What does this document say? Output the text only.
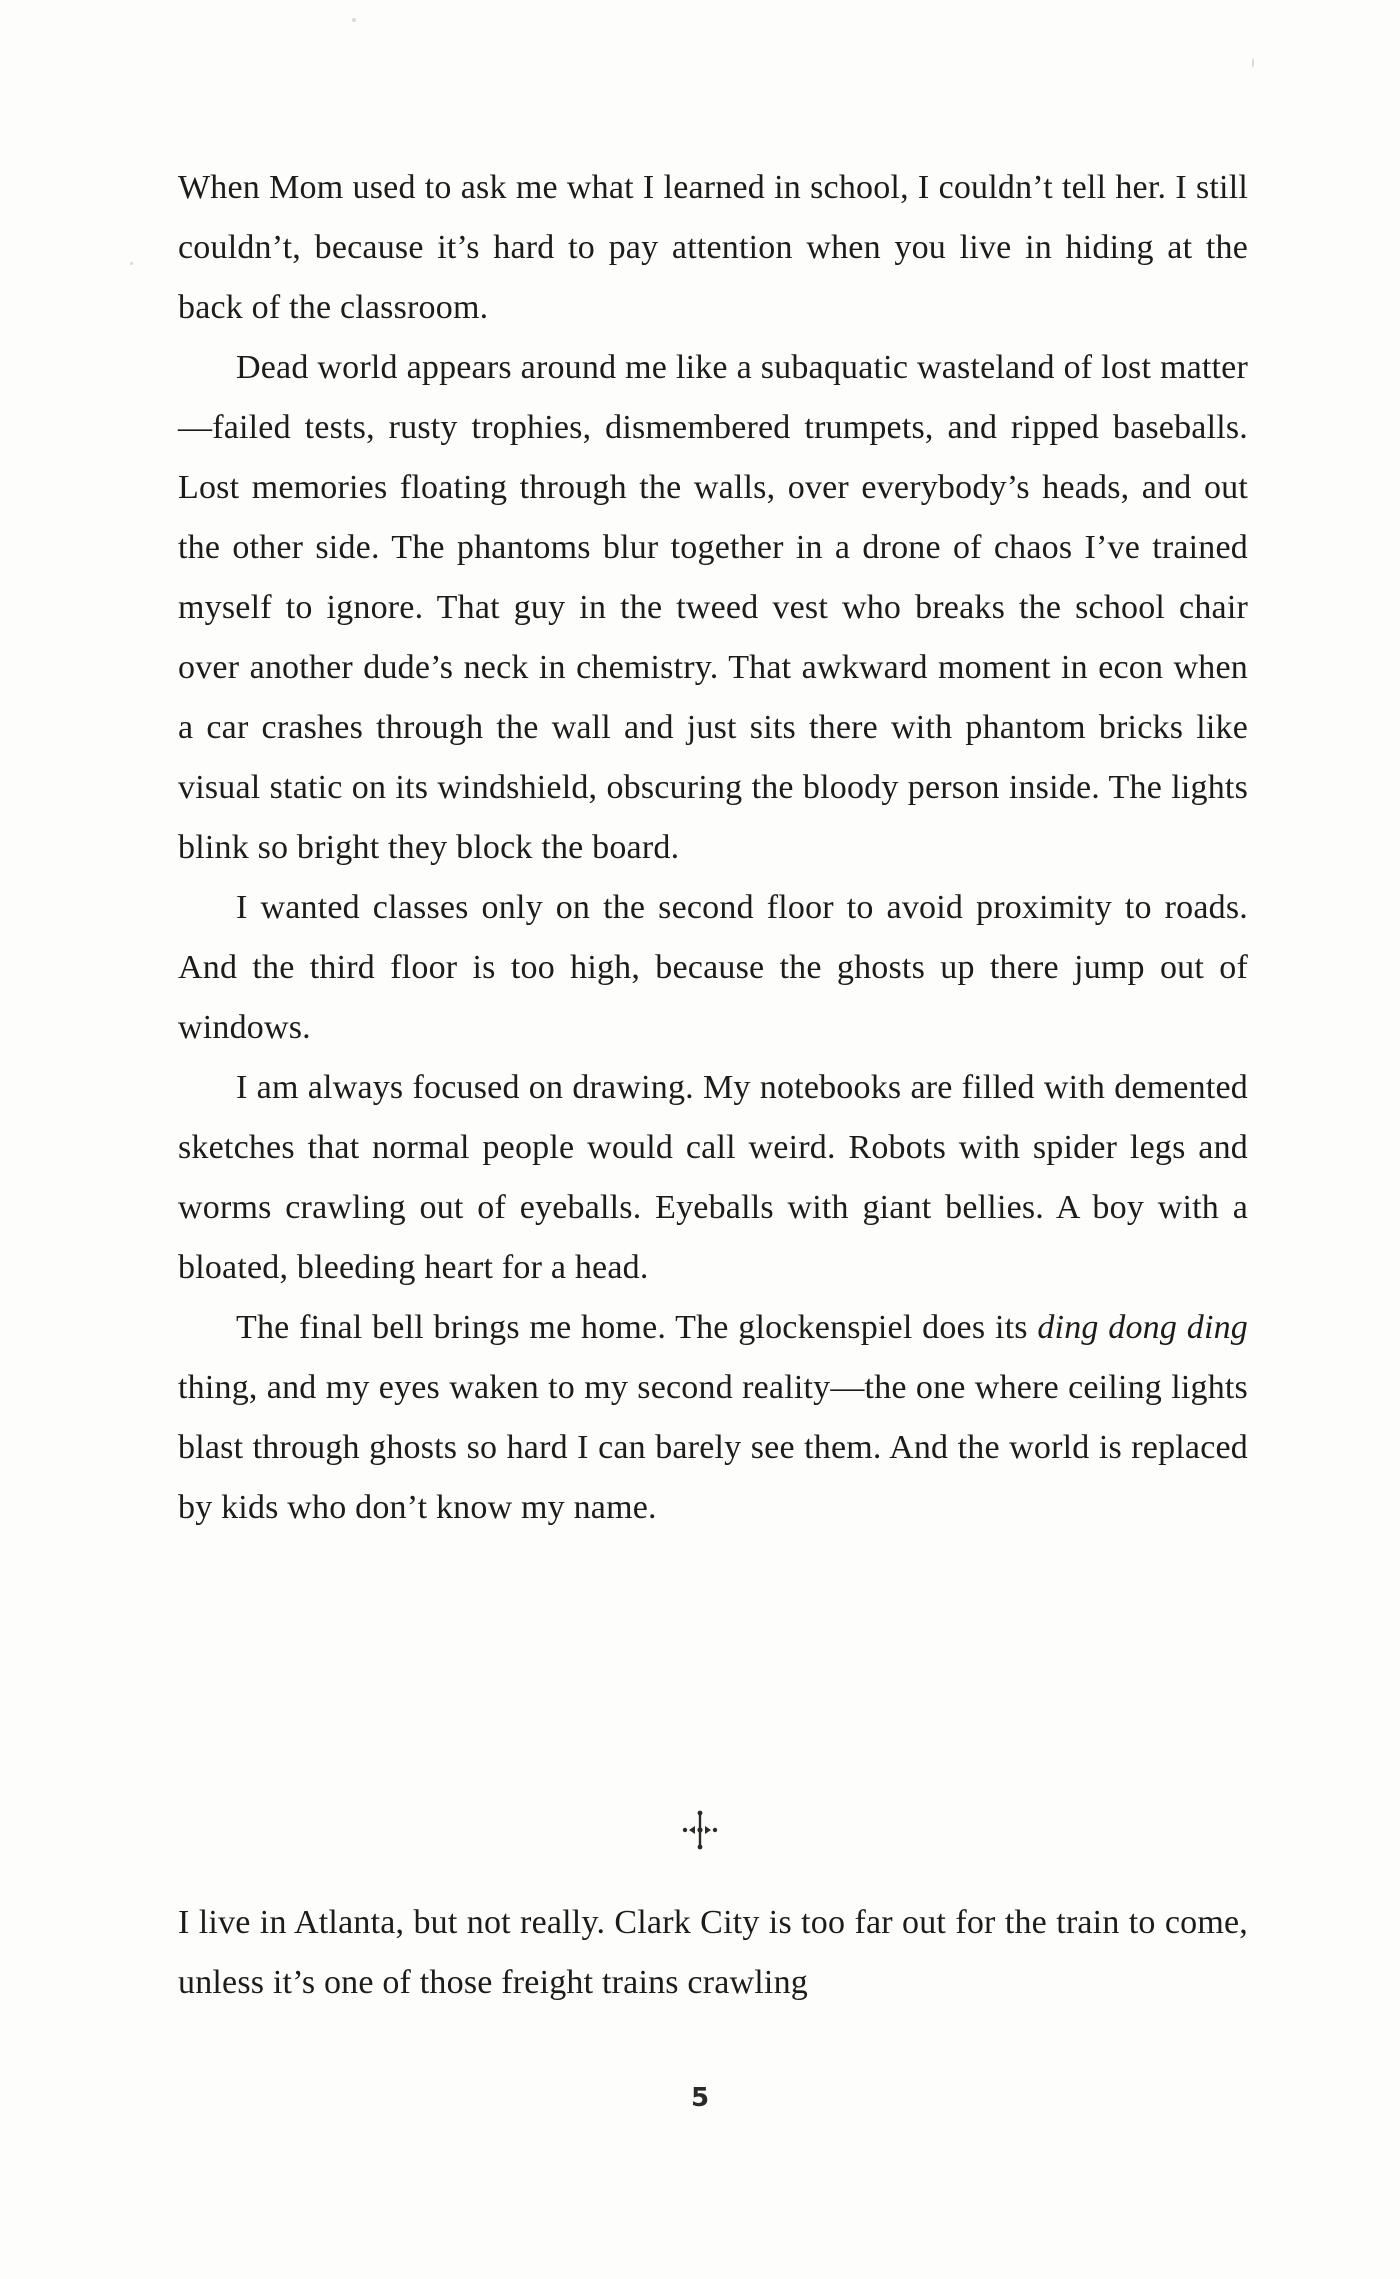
When Mom used to ask me what I learned in school, I couldn’t tell her. I still couldn’t, because it’s hard to pay attention when you live in hiding at the back of the classroom.

Dead world appears around me like a subaquatic wasteland of lost matter—failed tests, rusty trophies, dismembered trumpets, and ripped baseballs. Lost memories floating through the walls, over everybody’s heads, and out the other side. The phantoms blur together in a drone of chaos I’ve trained myself to ignore. That guy in the tweed vest who breaks the school chair over another dude’s neck in chemistry. That awkward moment in econ when a car crashes through the wall and just sits there with phantom bricks like visual static on its windshield, obscuring the bloody person inside. The lights blink so bright they block the board.

I wanted classes only on the second floor to avoid proximity to roads. And the third floor is too high, because the ghosts up there jump out of windows.

I am always focused on drawing. My notebooks are filled with demented sketches that normal people would call weird. Robots with spider legs and worms crawling out of eyeballs. Eyeballs with giant bellies. A boy with a bloated, bleeding heart for a head.

The final bell brings me home. The glockenspiel does its ding dong ding thing, and my eyes waken to my second reality—the one where ceiling lights blast through ghosts so hard I can barely see them. And the world is replaced by kids who don’t know my name.

I live in Atlanta, but not really. Clark City is too far out for the train to come, unless it’s one of those freight trains crawling

5
